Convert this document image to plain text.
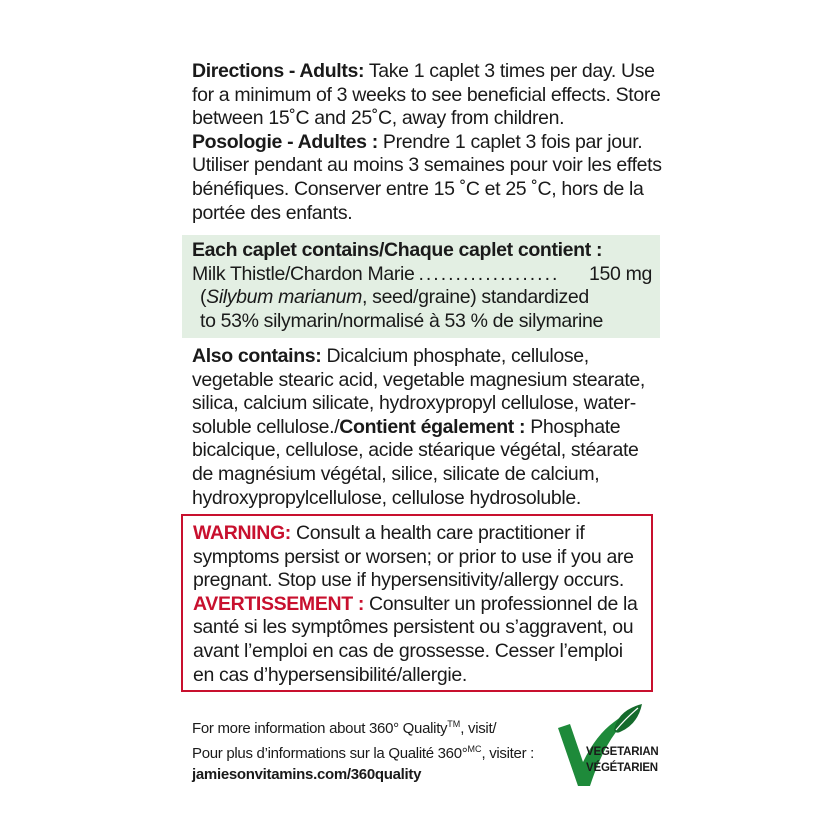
Directions - Adults: Take 1 caplet 3 times per day. Use for a minimum of 3 weeks to see beneficial effects. Store between 15˚C and 25˚C, away from children.
Posologie - Adultes : Prendre 1 caplet 3 fois par jour. Utiliser pendant au moins 3 semaines pour voir les effets bénéfiques. Conserver entre 15 ˚C et 25 ˚C, hors de la portée des enfants.

Each caplet contains/Chaque caplet contient :
Milk Thistle/Chardon Marie ...................	150 mg
(Silybum marianum, seed/graine) standardized
to 53% silymarin/normalisé à 53 % de silymarine
Also contains: Dicalcium phosphate, cellulose, vegetable stearic acid, vegetable magnesium stearate, silica, calcium silicate, hydroxypropyl cellulose, water-soluble cellulose./Contient également : Phosphate bicalcique, cellulose, acide stéarique végétal, stéarate de magnésium végétal, silice, silicate de calcium, hydroxypropylcellulose, cellulose hydrosoluble.
WARNING: Consult a health care practitioner if symptoms persist or worsen; or prior to use if you are pregnant. Stop use if hypersensitivity/allergy occurs.
AVERTISSEMENT : Consulter un professionnel de la santé si les symptômes persistent ou s’aggravent, ou avant l’emploi en cas de grossesse. Cesser l’emploi en cas d’hypersensibilité/allergie.
For more information about 360° Quality™, visit/
Pour plus d’informations sur la Qualité 360°$^{MC}$, visiter :
jamiesonvitamins.com/360quality
VEGETARIAN
VÉGÉTARIEN
